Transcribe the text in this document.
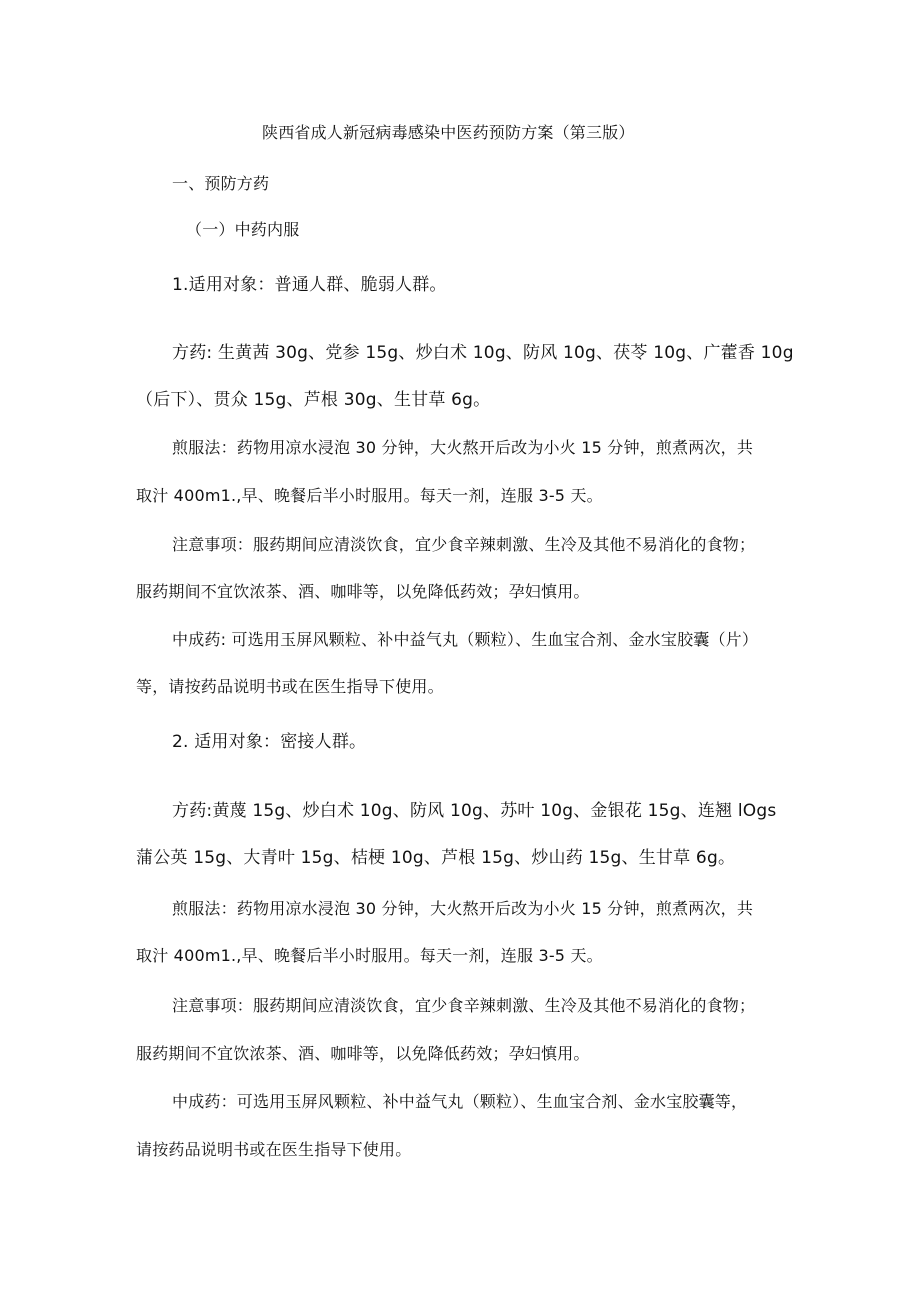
陕西省成人新冠病毒感染中医药预防方案（第三版）
一、预防方药
（一）中药内服
1.适用对象：普通人群、脆弱人群。
方药: 生黄茜 30g、党参 15g、炒白术 10g、防风 10g、茯苓 10g、广藿香 10g
（后下）、贯众 15g、芦根 30g、生甘草 6g。
煎服法：药物用凉水浸泡 30 分钟，大火熬开后改为小火 15 分钟，煎煮两次，共
取汁 400m1.,早、晚餐后半小时服用。每天一剂，连服 3-5 天。
注意事项：服药期间应清淡饮食，宜少食辛辣刺激、生冷及其他不易消化的食物；
服药期间不宜饮浓茶、酒、咖啡等，以免降低药效；孕妇慎用。
中成药: 可选用玉屏风颗粒、补中益气丸（颗粒）、生血宝合剂、金水宝胶囊（片）
等，请按药品说明书或在医生指导下使用。
2. 适用对象：密接人群。
方药:黄蔑 15g、炒白术 10g、防风 10g、苏叶 10g、金银花 15g、连翘 lOgs
蒲公英 15g、大青叶 15g、桔梗 10g、芦根 15g、炒山药 15g、生甘草 6g。
煎服法：药物用凉水浸泡 30 分钟，大火熬开后改为小火 15 分钟，煎煮两次，共
取汁 400m1.,早、晚餐后半小时服用。每天一剂，连服 3-5 天。
注意事项：服药期间应清淡饮食，宜少食辛辣刺激、生冷及其他不易消化的食物；
服药期间不宜饮浓茶、酒、咖啡等，以免降低药效；孕妇慎用。
中成药：可选用玉屏风颗粒、补中益气丸（颗粒）、生血宝合剂、金水宝胶囊等，
请按药品说明书或在医生指导下使用。
